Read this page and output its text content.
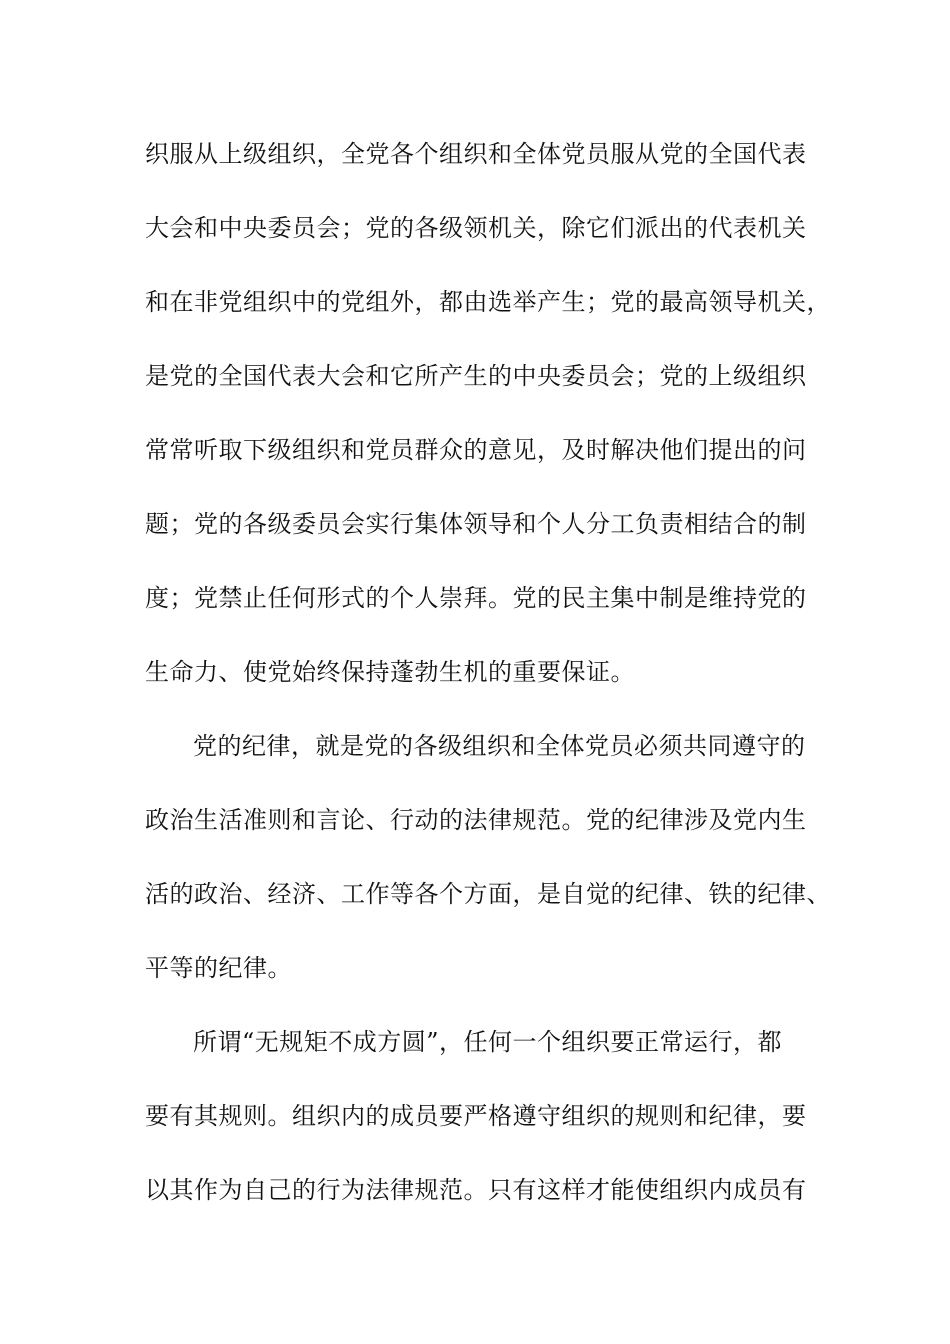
织服从上级组织，全党各个组织和全体党员服从党的全国代表
大会和中央委员会；党的各级领机关，除它们派出的代表机关
和在非党组织中的党组外，都由选举产生；党的最高领导机关，
是党的全国代表大会和它所产生的中央委员会；党的上级组织
常常听取下级组织和党员群众的意见，及时解决他们提出的问
题；党的各级委员会实行集体领导和个人分工负责相结合的制
度；党禁止任何形式的个人崇拜。党的民主集中制是维持党的
生命力、使党始终保持蓬勃生机的重要保证。
党的纪律，就是党的各级组织和全体党员必须共同遵守的
政治生活准则和言论、行动的法律规范。党的纪律涉及党内生
活的政治、经济、工作等各个方面，是自觉的纪律、铁的纪律、
平等的纪律。
所谓“无规矩不成方圆”，任何一个组织要正常运行，都
要有其规则。组织内的成员要严格遵守组织的规则和纪律，要
以其作为自己的行为法律规范。只有这样才能使组织内成员有
